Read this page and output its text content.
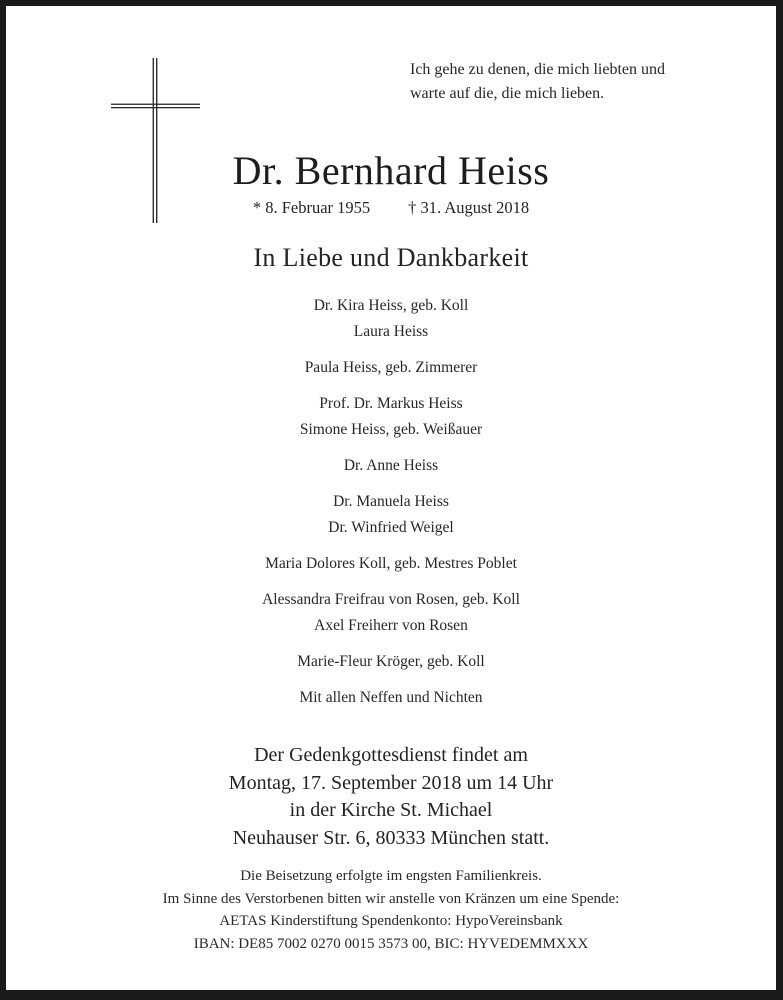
Ich gehe zu denen, die mich liebten und
warte auf die, die mich lieben.
Dr. Bernhard Heiss
* 8. Februar 1955 † 31. August 2018
In Liebe und Dankbarkeit
Dr. Kira Heiss, geb. Koll
Laura Heiss
Paula Heiss, geb. Zimmerer
Prof. Dr. Markus Heiss
Simone Heiss, geb. Weißauer
Dr. Anne Heiss
Dr. Manuela Heiss
Dr. Winfried Weigel
Maria Dolores Koll, geb. Mestres Poblet
Alessandra Freifrau von Rosen, geb. Koll
Axel Freiherr von Rosen
Marie-Fleur Kröger, geb. Koll
Mit allen Neffen und Nichten
Der Gedenkgottesdienst findet am
Montag, 17. September 2018 um 14 Uhr
in der Kirche St. Michael
Neuhauser Str. 6, 80333 München statt.
Die Beisetzung erfolgte im engsten Familienkreis.
Im Sinne des Verstorbenen bitten wir anstelle von Kränzen um eine Spende:
AETAS Kinderstiftung Spendenkonto: HypoVereinsbank
IBAN: DE85 7002 0270 0015 3573 00, BIC: HYVEDEMMXXX
